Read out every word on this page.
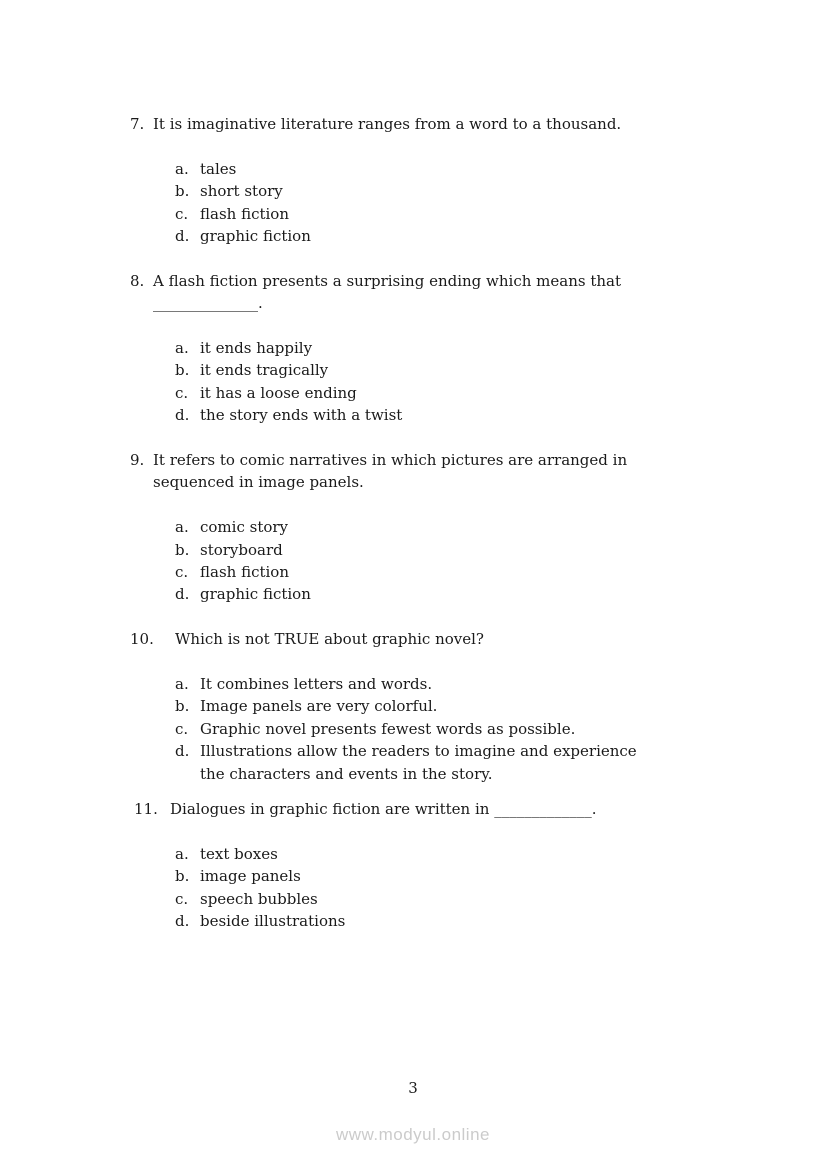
7. It is imaginative literature ranges from a word to a thousand.
a. tales
b. short story
c. flash fiction
d. graphic fiction
8. A flash fiction presents a surprising ending which means that
______________.
a. it ends happily
b. it ends tragically
c. it has a loose ending
d. the story ends with a twist
9. It refers to comic narratives in which pictures are arranged in
sequenced in image panels.
a. comic story
b. storyboard
c. flash fiction
d. graphic fiction
10.	Which is not TRUE about graphic novel?
a. It combines letters and words.
b. Image panels are very colorful.
c. Graphic novel presents fewest words as possible.
d. Illustrations allow the readers to imagine and experience
the characters and events in the story.
11. Dialogues in graphic fiction are written in _____________.
a. text boxes
b. image panels
c. speech bubbles
d. beside illustrations
3
www.modyul.online
